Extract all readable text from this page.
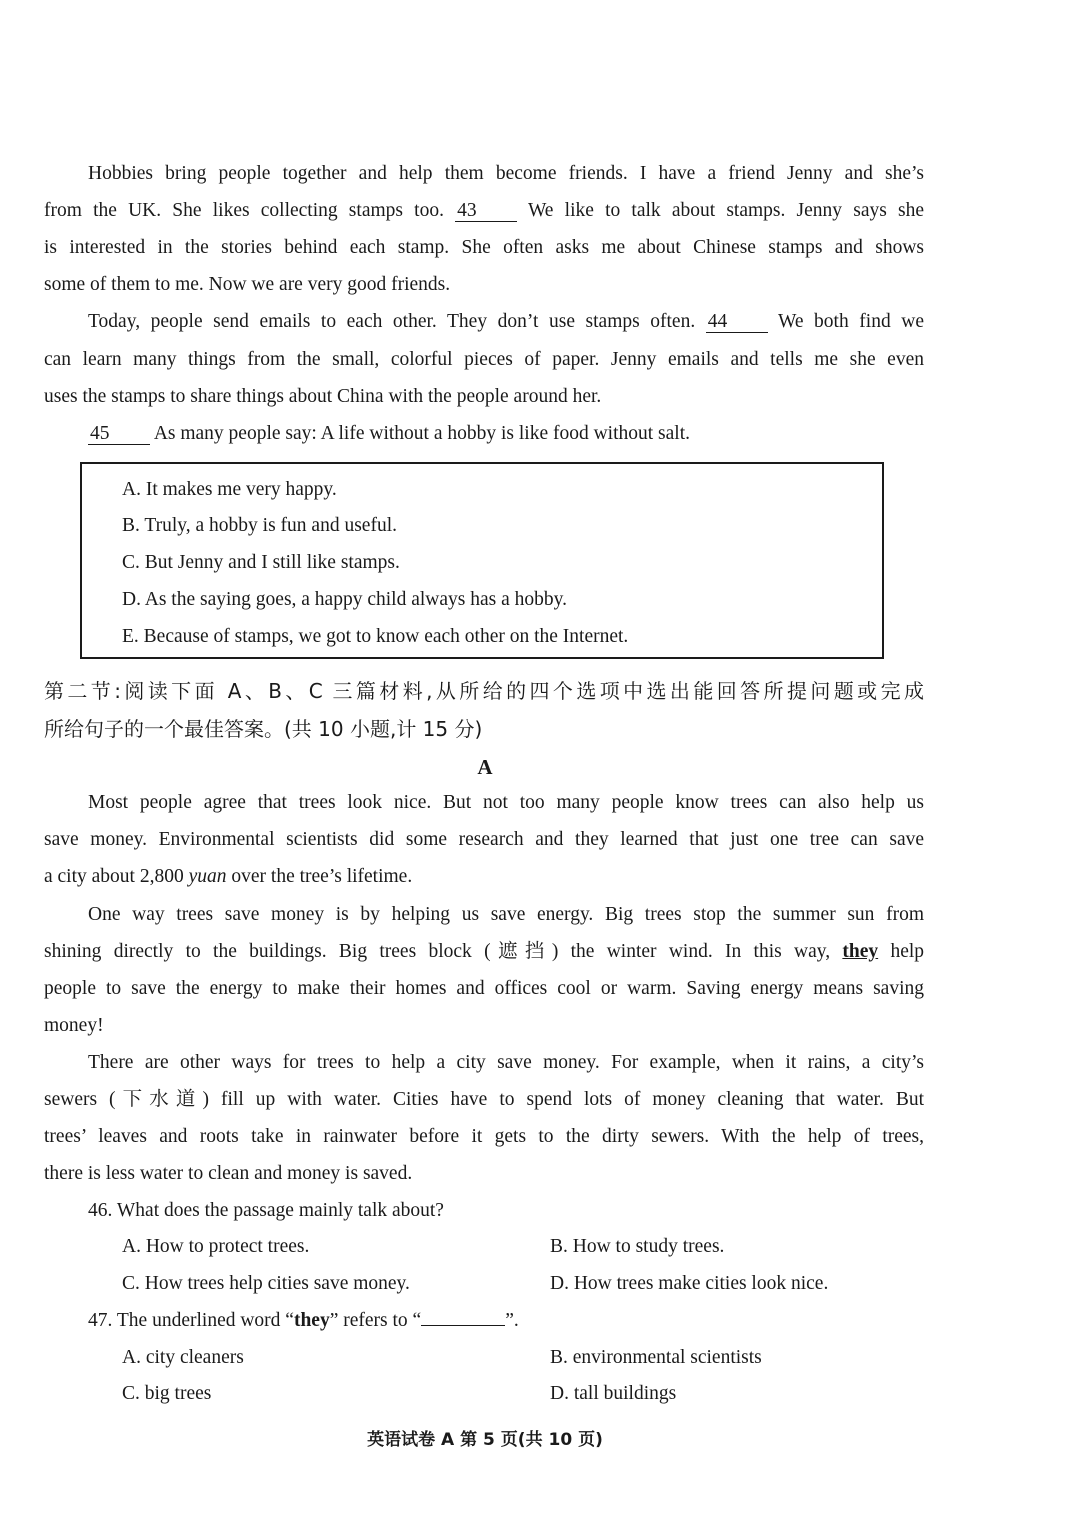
Hobbies bring people together and help them become friends. I have a friend Jenny and she’s
from the UK. She likes collecting stamps too. 43	We like to talk about stamps. Jenny says she
is interested in the stories behind each stamp. She often asks me about Chinese stamps and shows
some of them to me. Now we are very good friends.
Today, people send emails to each other. They don’t use stamps often. 44	We both find we
can learn many things from the small, colorful pieces of paper. Jenny emails and tells me she even
uses the stamps to share things about China with the people around her.
45 As many people say: A life without a hobby is like food without salt.
A. It makes me very happy.
B. Truly, a hobby is fun and useful.
C. But Jenny and I still like stamps.
D. As the saying goes, a happy child always has a hobby.
E. Because of stamps, we got to know each other on the Internet.
第二节:阅读下面 A、B、C 三篇材料,从所给的四个选项中选出能回答所提问题或完成
所给句子的一个最佳答案。(共 10 小题,计 15 分)
A
Most people agree that trees look nice. But not too many people know trees can also help us
save money. Environmental scientists did some research and they learned that just one tree can save
a city about 2,800 yuan over the tree’s lifetime.
One way trees save money is by helping us save energy. Big trees stop the summer sun from
shining directly to the buildings. Big trees block (遮挡) the winter wind. In this way, they help
people to save the energy to make their homes and offices cool or warm. Saving energy means saving
money!
There are other ways for trees to help a city save money. For example, when it rains, a city’s
sewers (下水道) fill up with water. Cities have to spend lots of money cleaning that water. But
trees’ leaves and roots take in rainwater before it gets to the dirty sewers. With the help of trees,
there is less water to clean and money is saved.
46. What does the passage mainly talk about?
A. How to protect trees.	B. How to study trees.
C. How trees help cities save money.	D. How trees make cities look nice.
47. The underlined word “they” refers to “	”.
A. city cleaners	B. environmental scientists
C. big trees	D. tall buildings
英语试卷 A 第 5 页(共 10 页)
